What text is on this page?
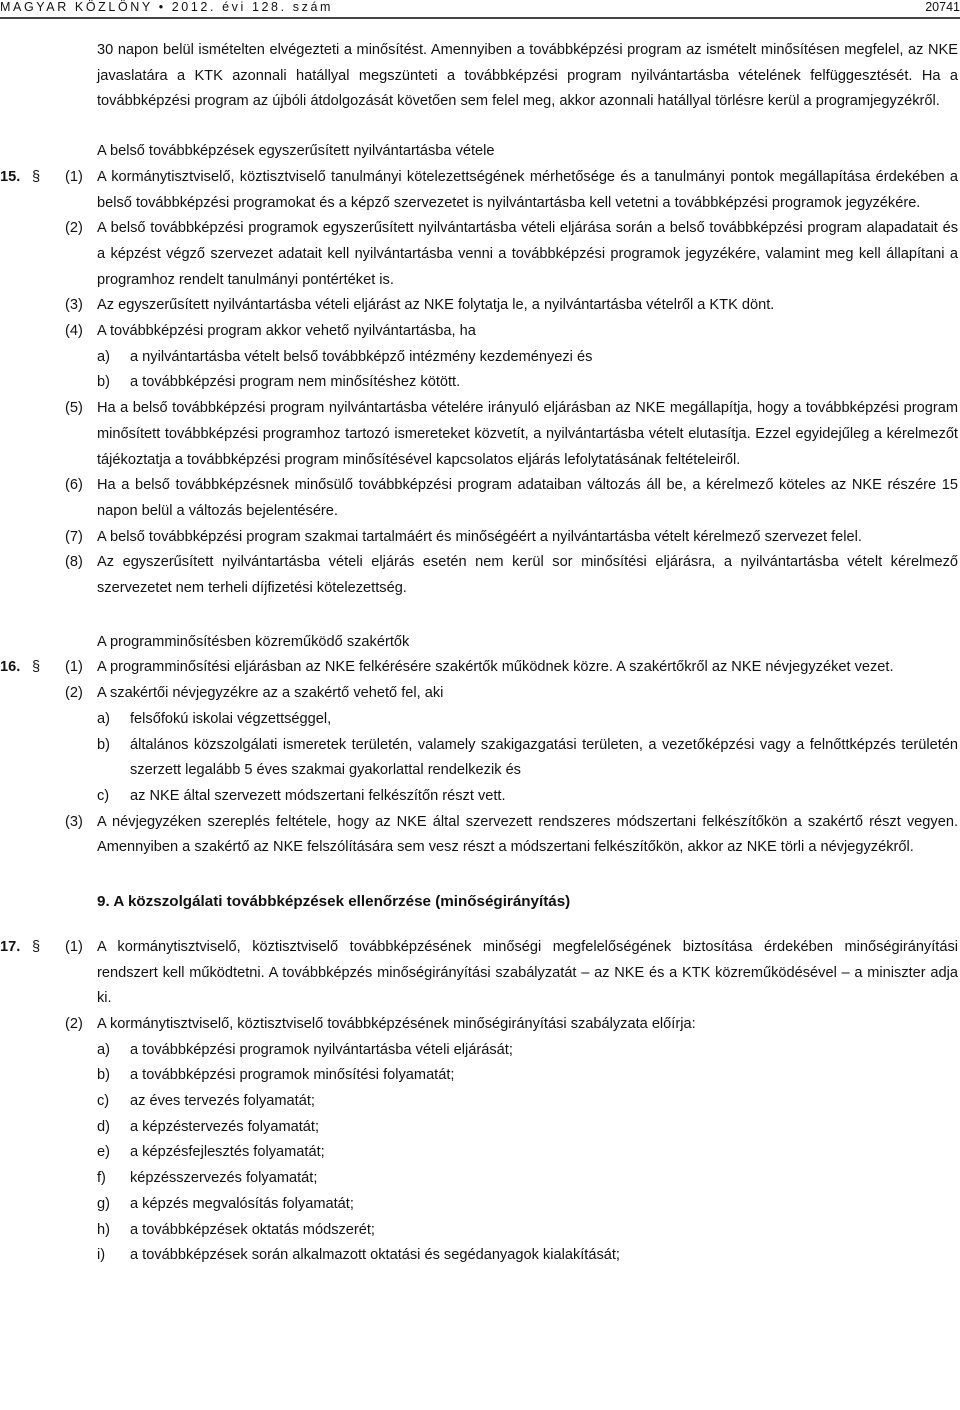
MAGYAR KÖZLÖNY • 2012. évi 128. szám	20741
30 napon belül ismételten elvégezteti a minősítést. Amennyiben a továbbképzési program az ismételt minősítésen megfelel, az NKE javaslatára a KTK azonnali hatállyal megszünteti a továbbképzési program nyilvántartásba vételének felfüggesztését. Ha a továbbképzési program az újbóli átdolgozását követően sem felel meg, akkor azonnali hatállyal törlésre kerül a programjegyzékről.
A belső továbbképzések egyszerűsített nyilvántartásba vétele
15. § (1) A kormánytisztviselő, köztisztviselő tanulmányi kötelezettségének mérhetősége és a tanulmányi pontok megállapítása érdekében a belső továbbképzési programokat és a képző szervezetet is nyilvántartásba kell vetetni a továbbképzési programok jegyzékére.
(2) A belső továbbképzési programok egyszerűsített nyilvántartásba vételi eljárása során a belső továbbképzési program alapadatait és a képzést végző szervezet adatait kell nyilvántartásba venni a továbbképzési programok jegyzékére, valamint meg kell állapítani a programhoz rendelt tanulmányi pontértéket is.
(3) Az egyszerűsített nyilvántartásba vételi eljárást az NKE folytatja le, a nyilvántartásba vételről a KTK dönt.
(4) A továbbképzési program akkor vehető nyilvántartásba, ha
a) a nyilvántartásba vételt belső továbbképző intézmény kezdeményezi és
b) a továbbképzési program nem minősítéshez kötött.
(5) Ha a belső továbbképzési program nyilvántartásba vételére irányuló eljárásban az NKE megállapítja, hogy a továbbképzési program minősített továbbképzési programhoz tartozó ismereteket közvetít, a nyilvántartásba vételt elutasítja. Ezzel egyidejűleg a kérelmezőt tájékoztatja a továbbképzési program minősítésével kapcsolatos eljárás lefolytatásának feltételeiről.
(6) Ha a belső továbbképzésnek minősülő továbbképzési program adataiban változás áll be, a kérelmező köteles az NKE részére 15 napon belül a változás bejelentésére.
(7) A belső továbbképzési program szakmai tartalmáért és minőségéért a nyilvántartásba vételt kérelmező szervezet felel.
(8) Az egyszerűsített nyilvántartásba vételi eljárás esetén nem kerül sor minősítési eljárásra, a nyilvántartásba vételt kérelmező szervezetet nem terheli díjfizetési kötelezettség.
A programminősítésben közreműködő szakértők
16. § (1) A programminősítési eljárásban az NKE felkérésére szakértők működnek közre. A szakértőkről az NKE névjegyzéket vezet.
(2) A szakértői névjegyzékre az a szakértő vehető fel, aki
a) felsőfokú iskolai végzettséggel,
b) általános közszolgálati ismeretek területén, valamely szakigazgatási területen, a vezetőképzési vagy a felnőttképzés területén szerzett legalább 5 éves szakmai gyakorlattal rendelkezik és
c) az NKE által szervezett módszertani felkészítőn részt vett.
(3) A névjegyzéken szereplés feltétele, hogy az NKE által szervezett rendszeres módszertani felkészítőkön a szakértő részt vegyen. Amennyiben a szakértő az NKE felszólítására sem vesz részt a módszertani felkészítőkön, akkor az NKE törli a névjegyzékről.
9. A közszolgálati továbbképzések ellenőrzése (minőségirányítás)
17. § (1) A kormánytisztviselő, köztisztviselő továbbképzésének minőségi megfelelőségének biztosítása érdekében minőségirányítási rendszert kell működtetni. A továbbképzés minőségirányítási szabályzatát – az NKE és a KTK közreműködésével – a miniszter adja ki.
(2) A kormánytisztviselő, köztisztviselő továbbképzésének minőségirányítási szabályzata előírja:
a) a továbbképzési programok nyilvántartásba vételi eljárását;
b) a továbbképzési programok minősítési folyamatát;
c) az éves tervezés folyamatát;
d) a képzéstervezés folyamatát;
e) a képzésfejlesztés folyamatát;
f) képzésszervezés folyamatát;
g) a képzés megvalósítás folyamatát;
h) a továbbképzések oktatás módszerét;
i) a továbbképzések során alkalmazott oktatási és segédanyagok kialakítását;
